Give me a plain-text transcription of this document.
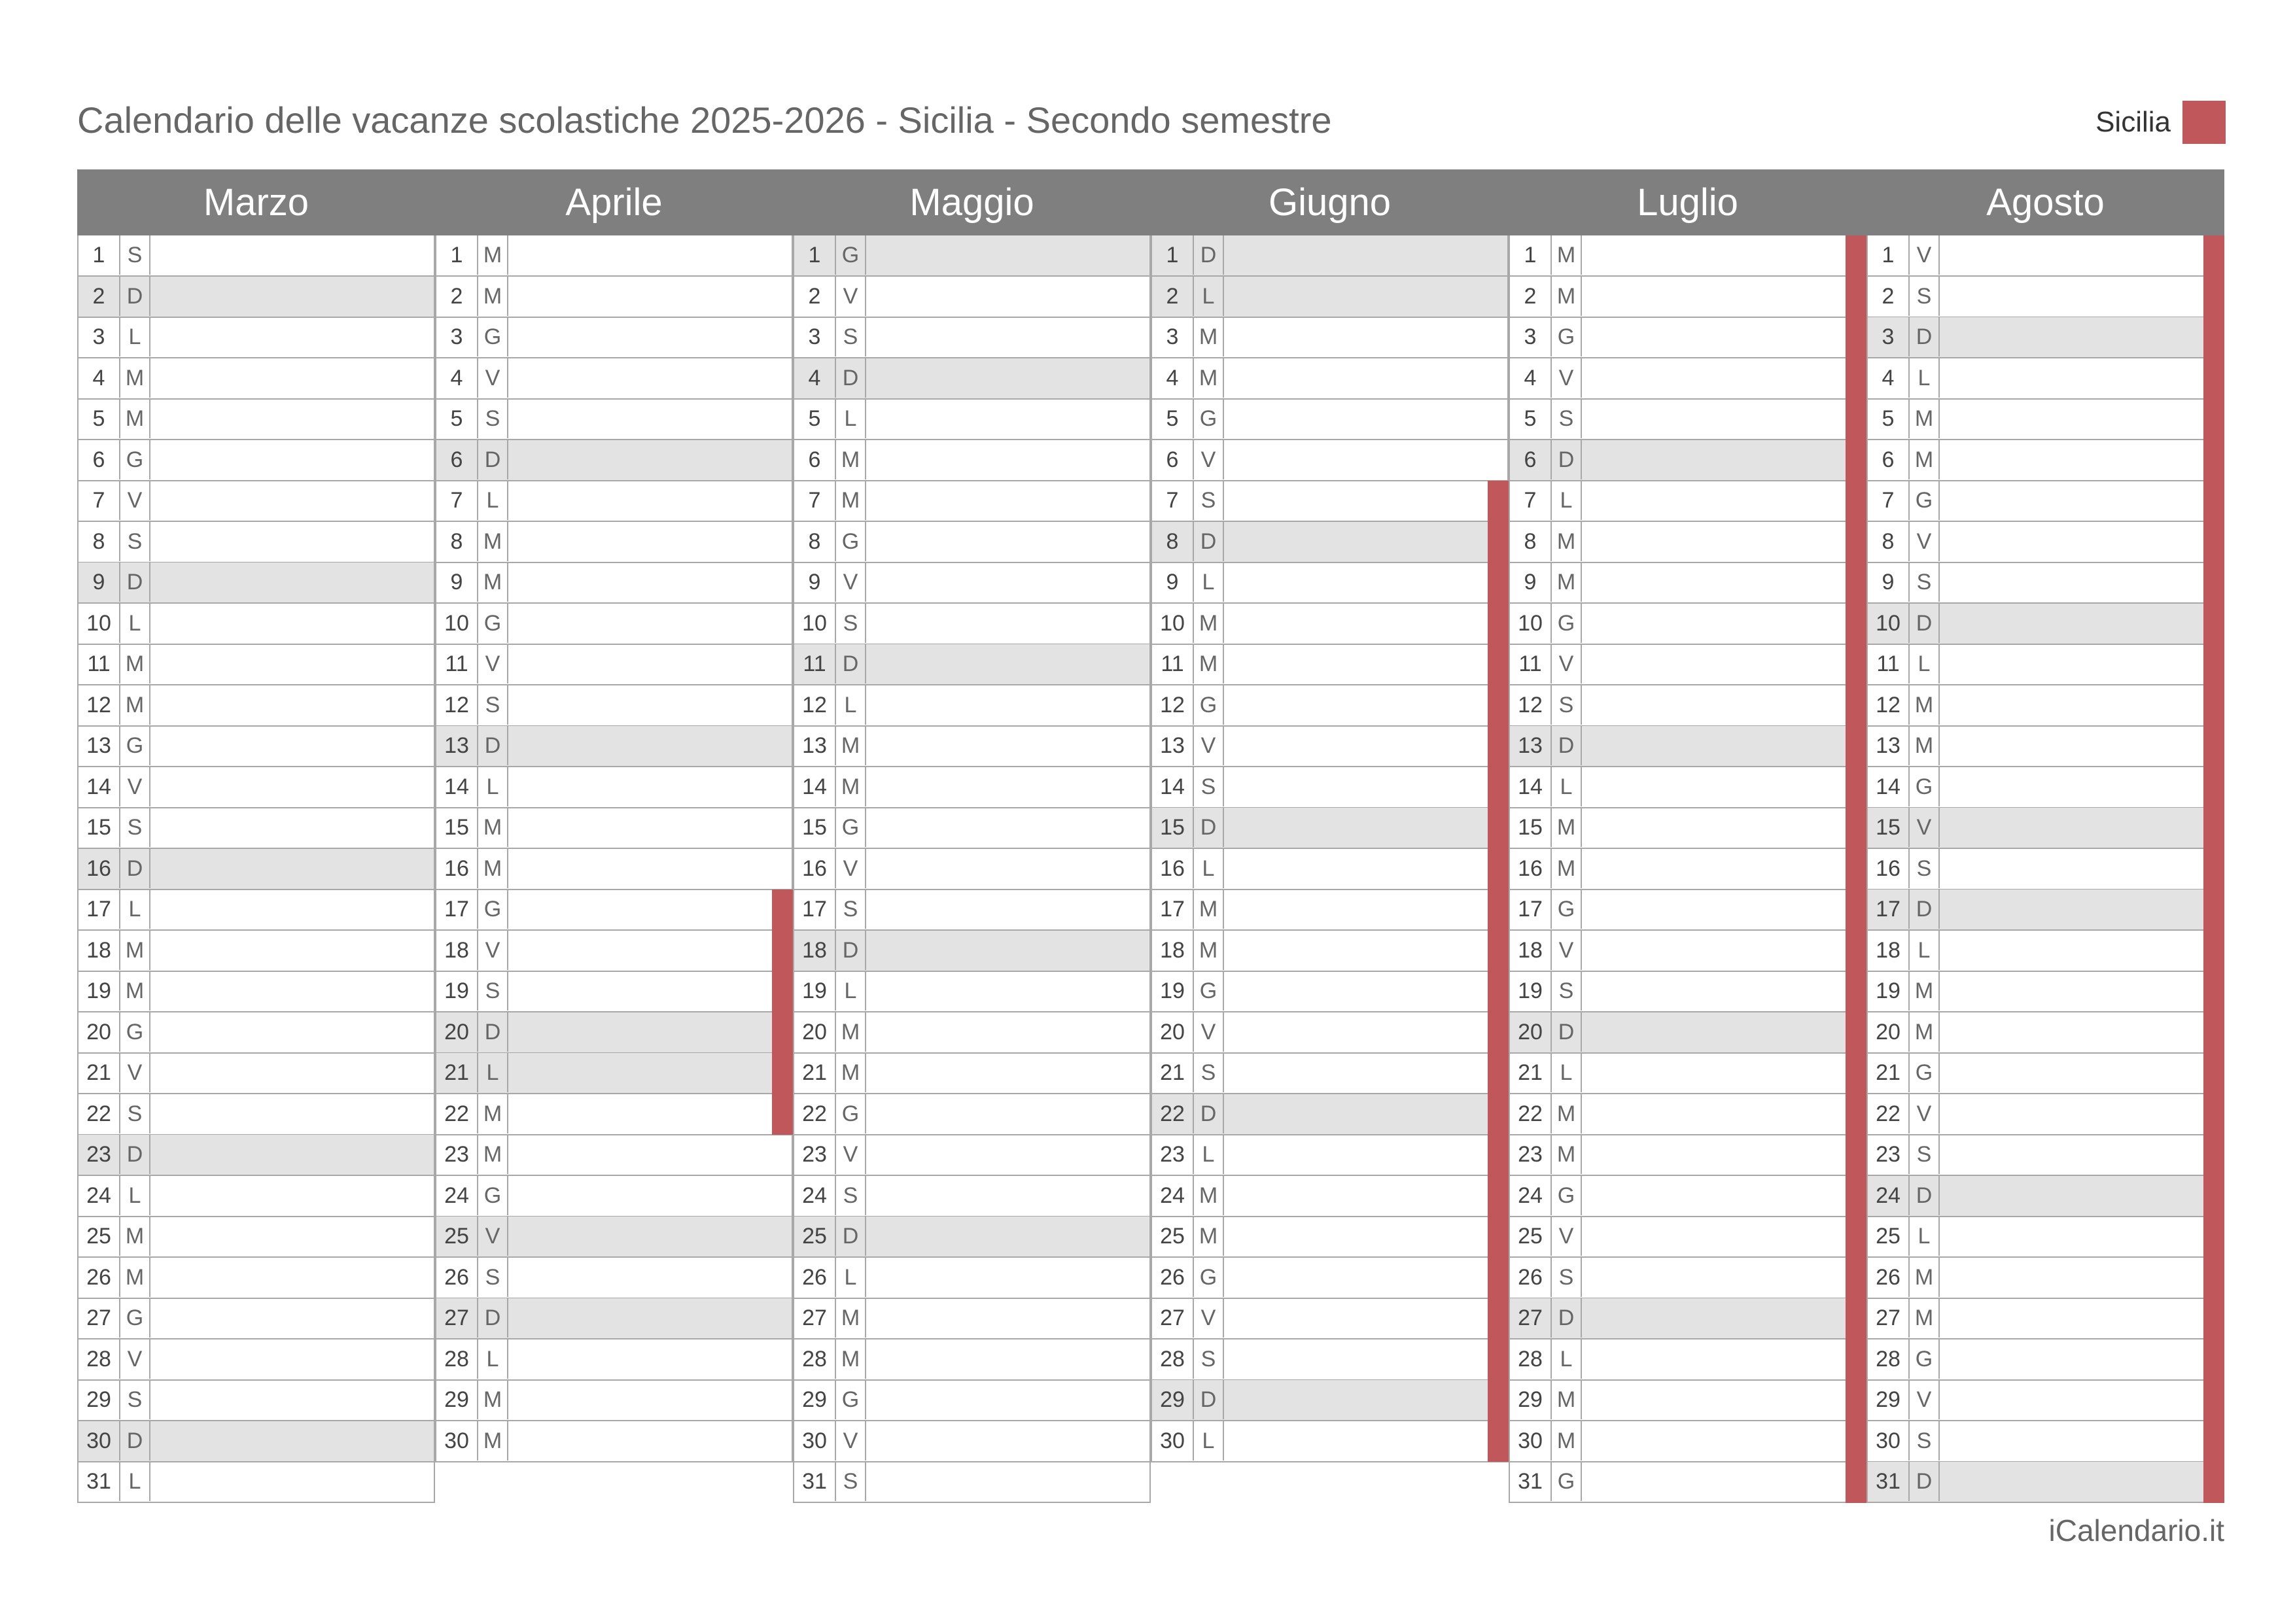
Calendario delle vacanze scolastiche 2025-2026 - Sicilia - Secondo semestre	Sicilia
Marzo	Aprile	Maggio	Giugno	Luglio	Agosto
1	S
2 D
3	L
4 M
5 M
6 G
7	V
8	S
9 D
10 L
11 M
12 M
13 G
14 V
15 S
16 D
17 L
18 M
19 M
20 G
21 V
22 S
23 D
24 L
25 M
26 M
27 G
28 V
29 S
30 D
31 L
1 M
2 M
3 G
4	V
5	S
6 D
7	L
8 M
9 M
10 G
11 V
12 S
13 D
14 L
15 M
16 M
17 G
18 V
19 S
20 D
21 L
22 M
23 M
24 G
25 V
26 S
27 D
28 L
29 M
30 M
1 G
2	V
3	S
4 D
5	L
6 M
7 M
8 G
9	V
10 S
11 D
12 L
13 M
14 M
15 G
16 V
17 S
18 D
19 L
20 M
21 M
22 G
23 V
24 S
25 D
26 L
27 M
28 M
29 G
30 V
31 S
1 D
2	L
3 M
4 M
5 G
6	V
7	S
8 D
9	L
10 M
11 M
12 G
13 V
14 S
15 D
16 L
17 M
18 M
19 G
20 V
21 S
22 D
23 L
24 M
25 M
26 G
27 V
28 S
29 D
30 L
1 M
2 M
3 G
4	V
5	S
6 D
7	L
8 M
9 M
10 G
11 V
12 S
13 D
14 L
15 M
16 M
17 G
18 V
19 S
20 D
21 L
22 M
23 M
24 G
25 V
26 S
27 D
28 L
29 M
30 M
31 G
1	V
2	S
3 D
4	L
5 M
6 M
7 G
8	V
9	S
10 D
11 L
12 M
13 M
14 G
15 V
16 S
17 D
18 L
19 M
20 M
21 G
22 V
23 S
24 D
25 L
26 M
27 M
28 G
29 V
30 S
31 D
iCalendario.it
